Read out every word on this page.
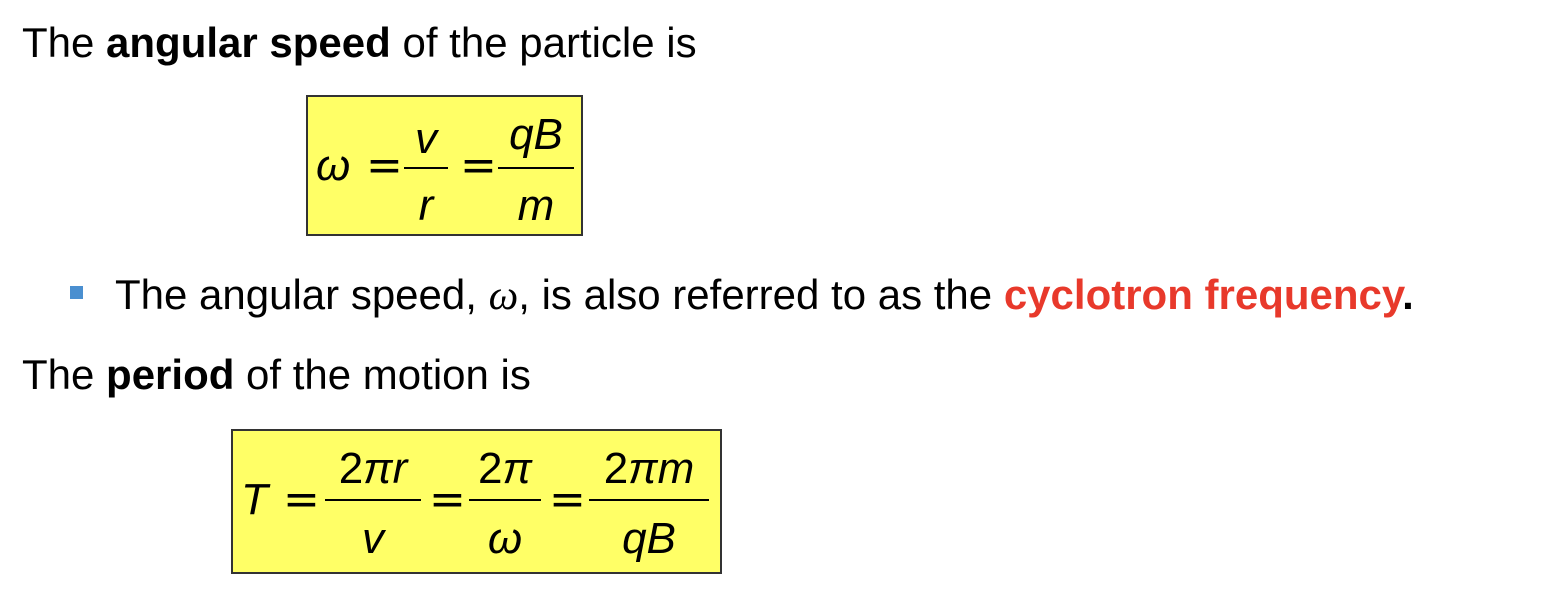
The angular speed of the particle is
ω =
v
r
=
qB
m
The angular speed, ω, is also referred to as the cyclotron frequency.
The period of the motion is
T =
2πr
v
=
2π
ω
=
2πm
qB
